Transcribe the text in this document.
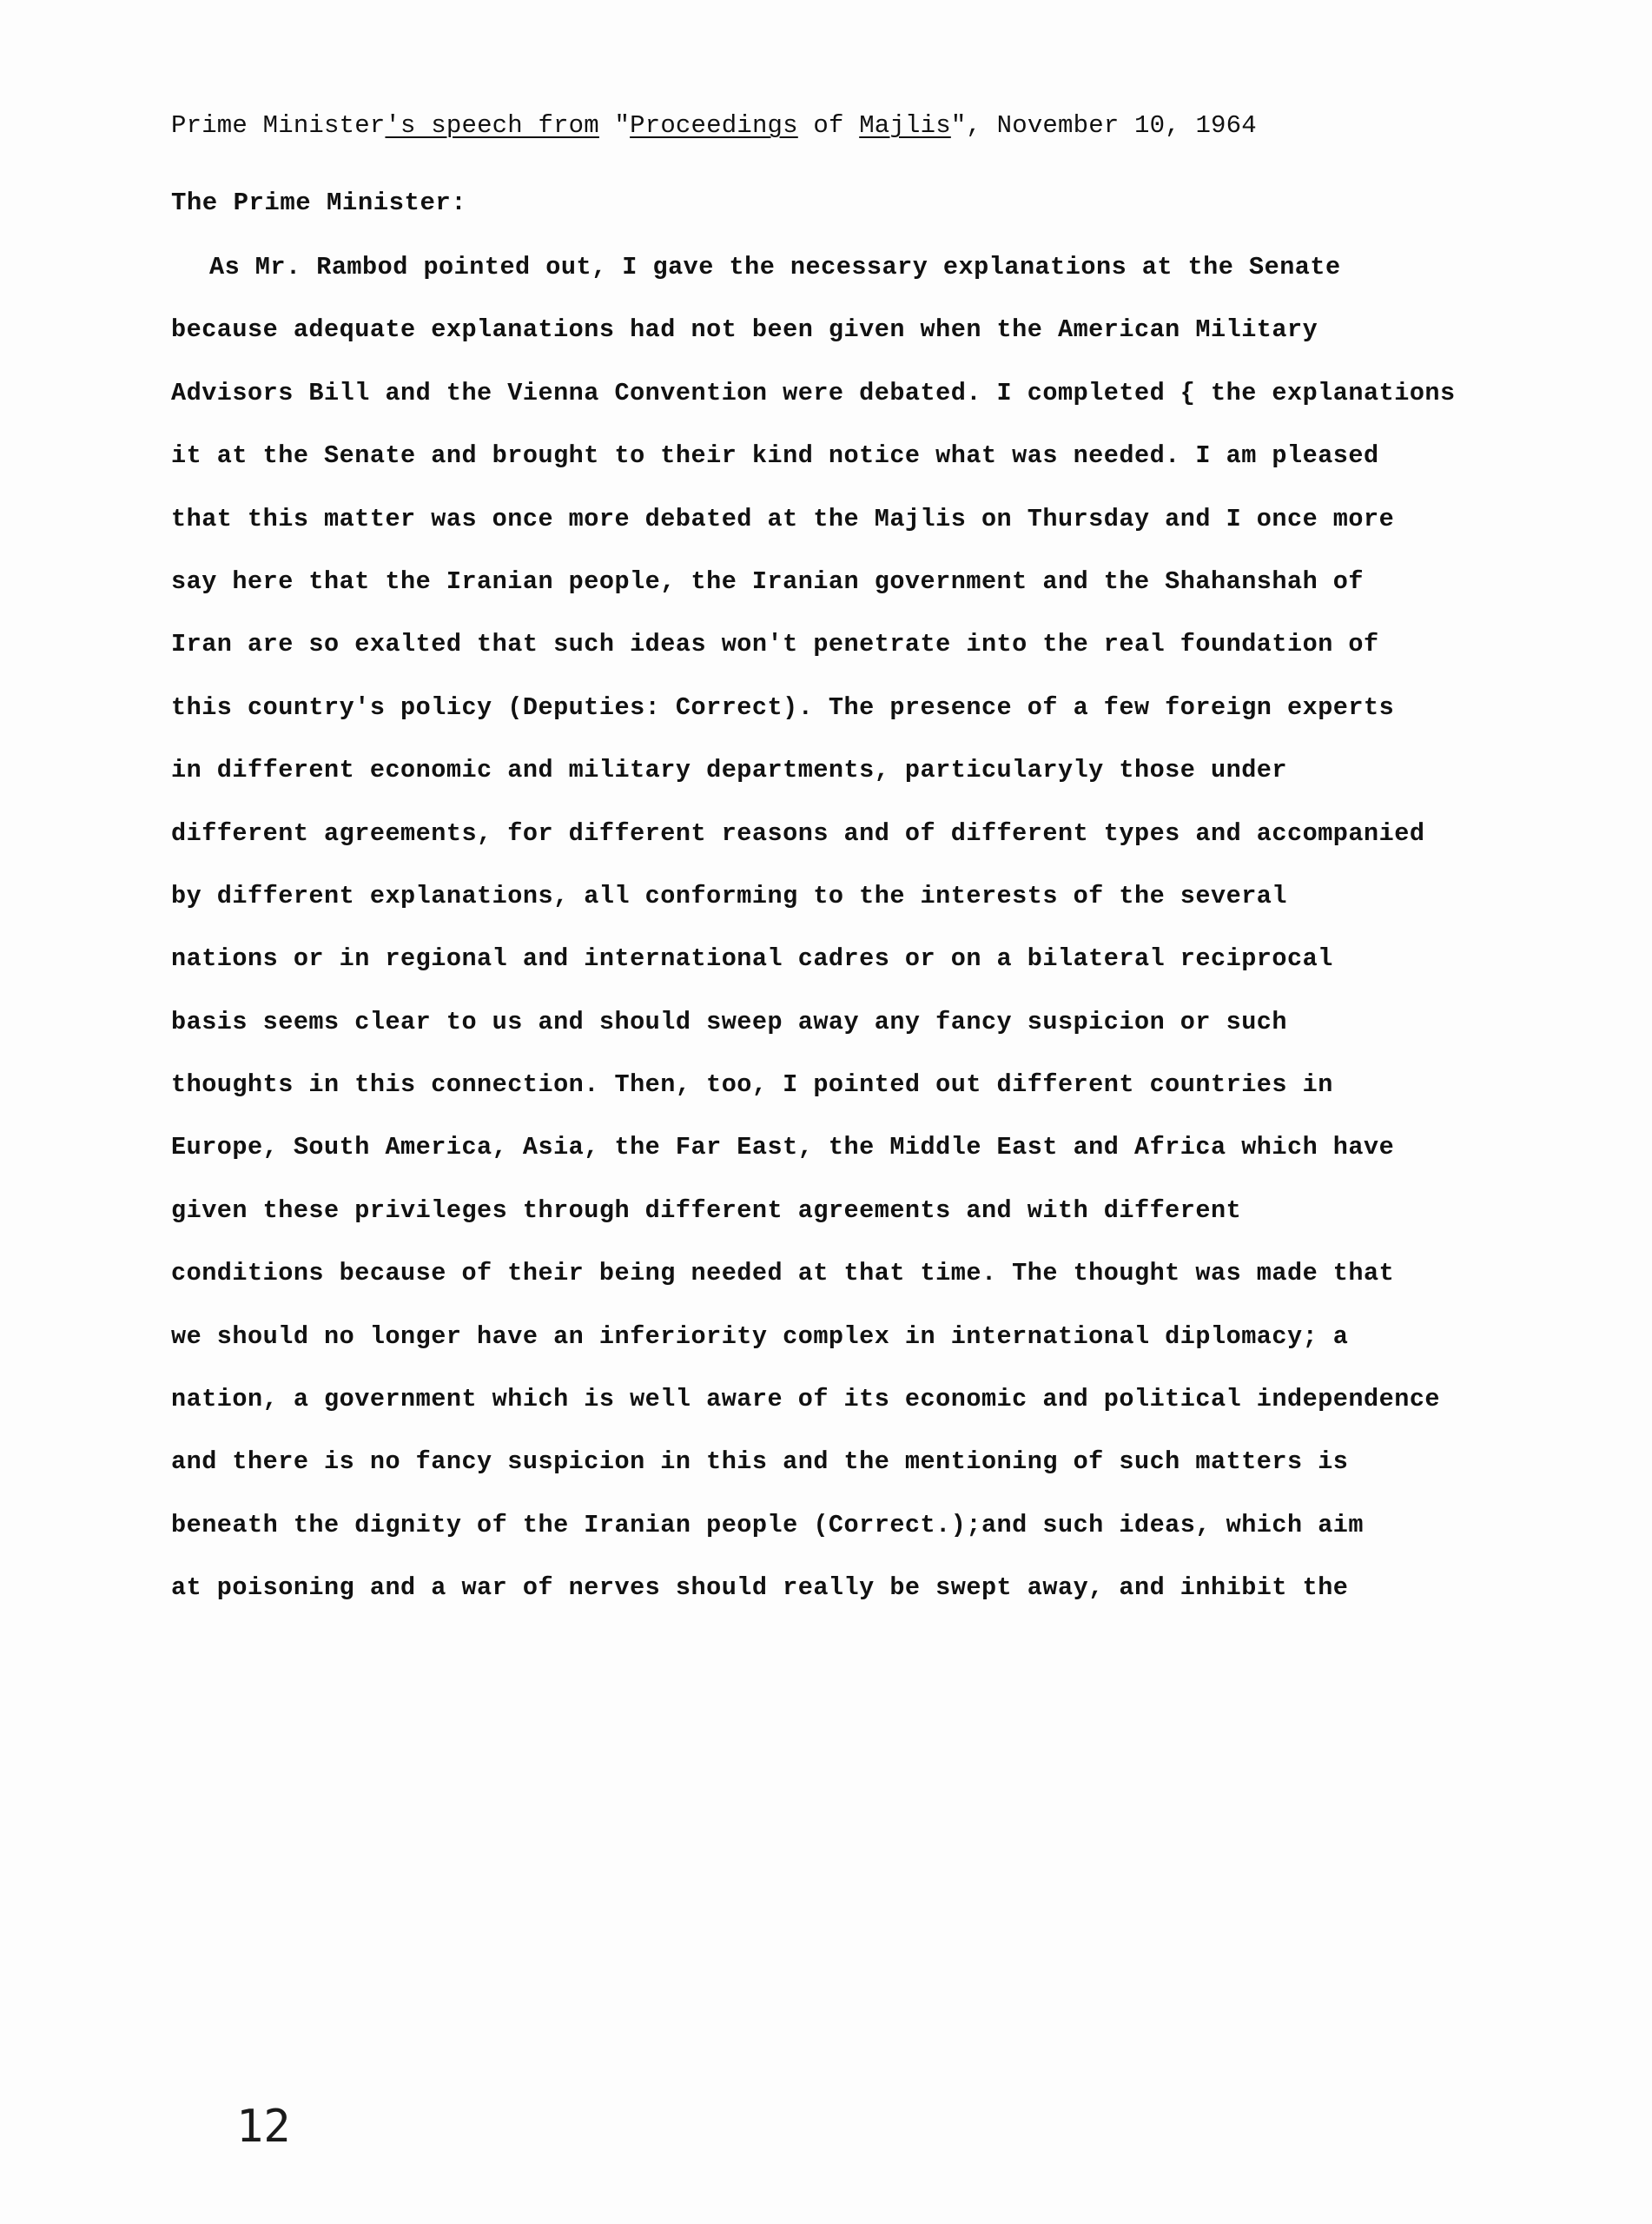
Prime Minister's speech from "Proceedings of Majlis", November 10, 1964
The Prime Minister:
As Mr. Rambod pointed out, I gave the necessary explanations at the Senate
because adequate explanations had not been given when the American Military
Advisors Bill and the Vienna Convention were debated. I completed { the explanations
it at the Senate and brought to their kind notice what was needed. I am pleased
that this matter was once more debated at the Majlis on Thursday and I once more
say here that the Iranian people, the Iranian government and the Shahanshah of
Iran are so exalted that such ideas won't penetrate into the real foundation of
this country's policy (Deputies: Correct). The presence of a few foreign experts
in different economic and military departments, particularyly those under
different agreements, for different reasons and of different types and accompanied
by different explanations, all conforming to the interests of the several
nations or in regional and international cadres or on a bilateral reciprocal
basis seems clear to us and should sweep away any fancy suspicion or such
thoughts in this connection. Then, too, I pointed out different countries in
Europe, South America, Asia, the Far East, the Middle East and Africa which have
given these privileges through different agreements and with different
conditions because of their being needed at that time. The thought was made that
we should no longer have an inferiority complex in international diplomacy; a
nation, a government which is well aware of its economic and political independence
and there is no fancy suspicion in this and the mentioning of such matters is
beneath the dignity of the Iranian people (Correct.);and such ideas, which aim
at poisoning and a war of nerves should really be swept away, and inhibit the
12
